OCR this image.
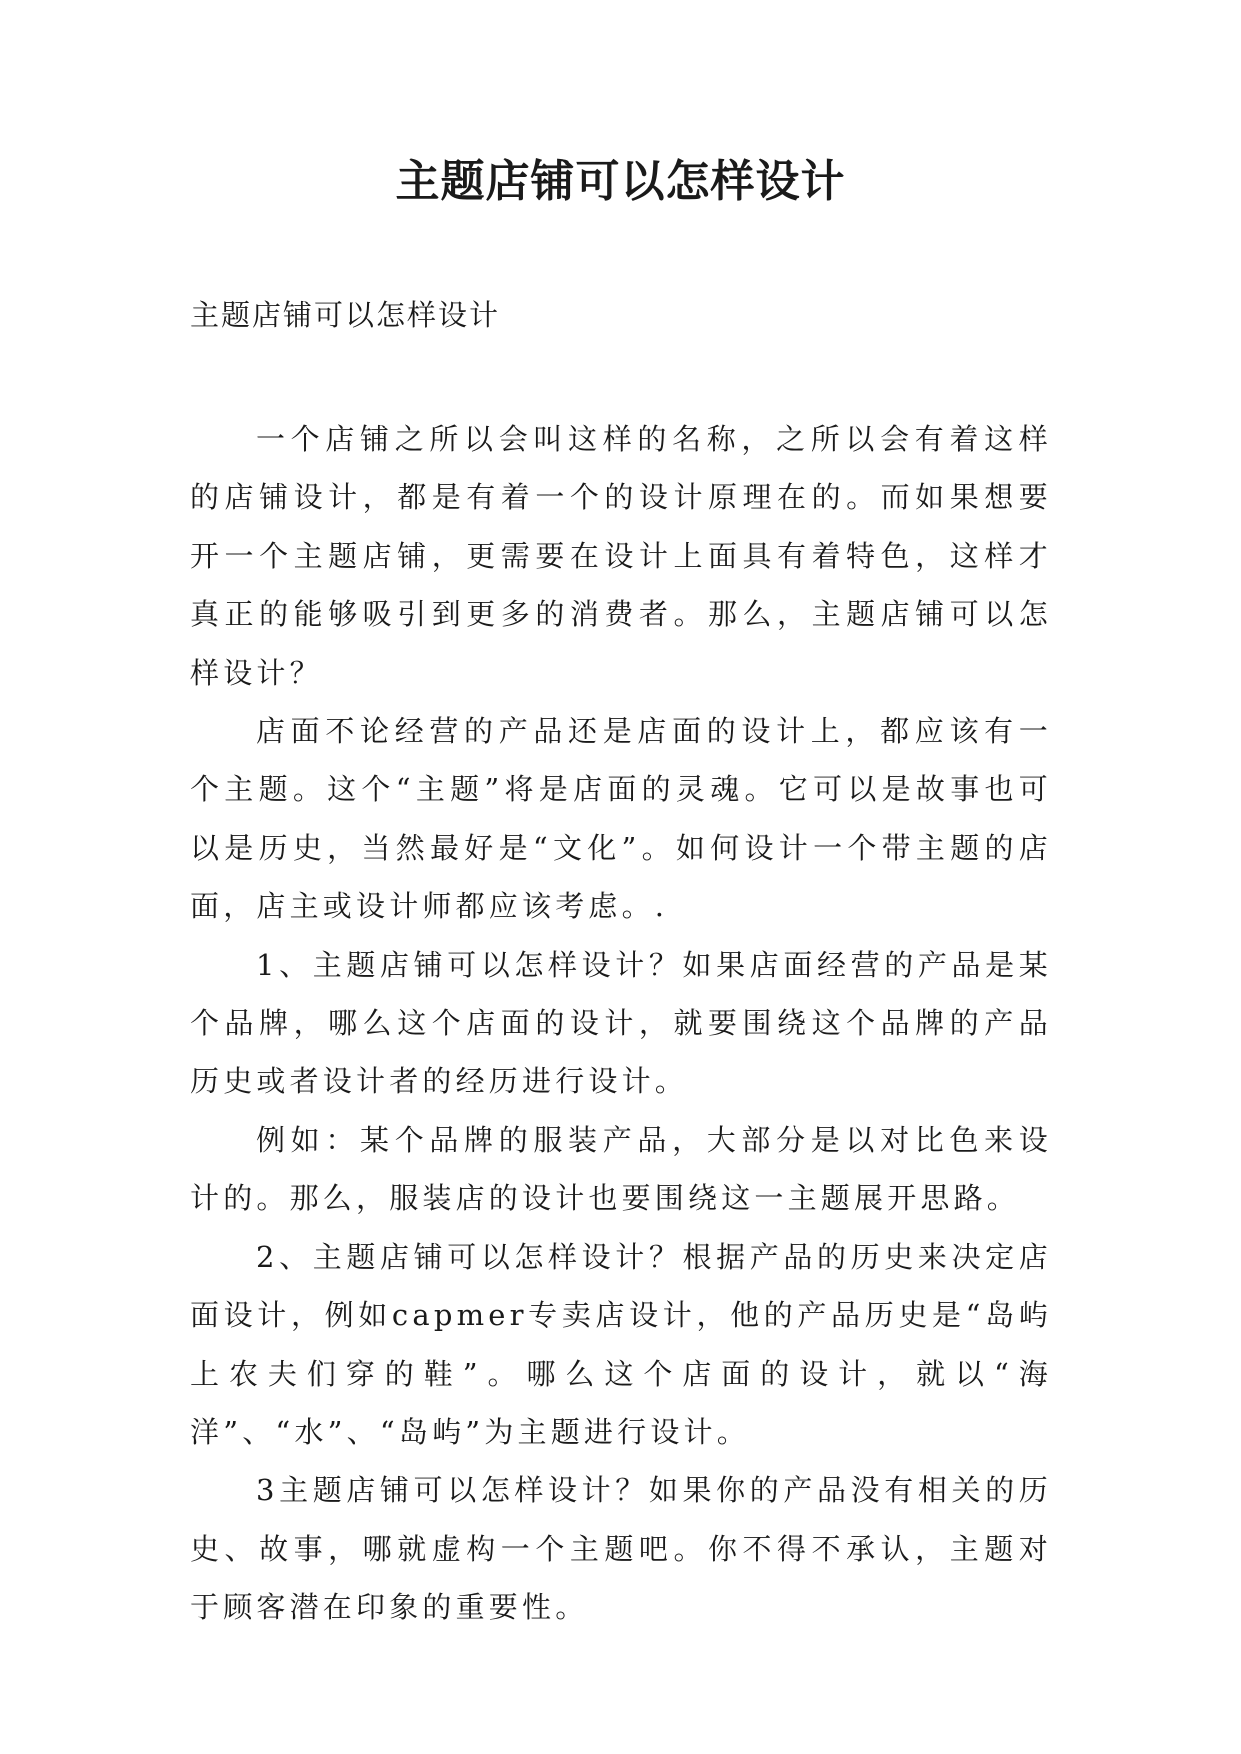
主题店铺可以怎样设计

主题店铺可以怎样设计

一个店铺之所以会叫这样的名称，之所以会有着这样的店铺设计，都是有着一个的设计原理在的。而如果想要开一个主题店铺，更需要在设计上面具有着特色，这样才真正的能够吸引到更多的消费者。那么，主题店铺可以怎样设计？

店面不论经营的产品还是店面的设计上，都应该有一个主题。这个“主题”将是店面的灵魂。它可以是故事也可以是历史，当然最好是“文化”。如何设计一个带主题的店面，店主或设计师都应该考虑。.

1、主题店铺可以怎样设计？如果店面经营的产品是某个品牌，哪么这个店面的设计，就要围绕这个品牌的产品历史或者设计者的经历进行设计。

例如：某个品牌的服装产品，大部分是以对比色来设计的。那么，服装店的设计也要围绕这一主题展开思路。

2、主题店铺可以怎样设计？根据产品的历史来决定店面设计，例如capmer专卖店设计，他的产品历史是“岛屿上农夫们穿的鞋”。哪么这个店面的设计，就以“海洋”、“水”、“岛屿”为主题进行设计。

3主题店铺可以怎样设计？如果你的产品没有相关的历史、故事，哪就虚构一个主题吧。你不得不承认，主题对于顾客潜在印象的重要性。
